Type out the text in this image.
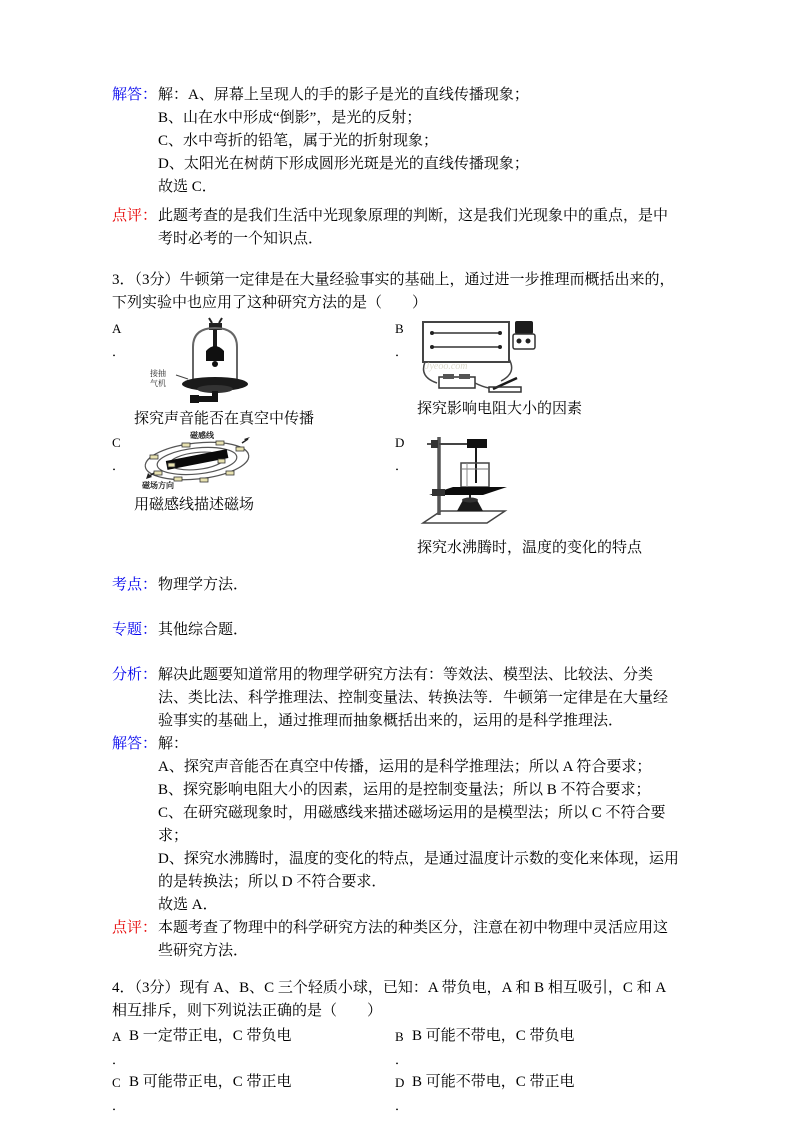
解答： 解：A、屏幕上呈现人的手的影子是光的直线传播现象；
B、山在水中形成“倒影”，是光的反射；
C、水中弯折的铅笔，属于光的折射现象；
D、太阳光在树荫下形成圆形光斑是光的直线传播现象；
故选 C．
点评： 此题考查的是我们生活中光现象原理的判断，这是我们光现象中的重点，是中考时必考的一个知识点．

3．（3分）牛顿第一定律是在大量经验事实的基础上，通过进一步推理而概括出来的，下列实验中也应用了这种研究方法的是（　　）

A
．
接抽
气机
探究声音能否在真空中传播
B
．
Jyeoo.com
探究影响电阻大小的因素
C
．
磁感线
磁场方向
用磁感线描述磁场
D
．
探究水沸腾时，温度的变化的特点
考点： 物理学方法．
专题： 其他综合题．
分析： 解决此题要知道常用的物理学研究方法有：等效法、模型法、比较法、分类法、类比法、科学推理法、控制变量法、转换法等．牛顿第一定律是在大量经验事实的基础上，通过推理而抽象概括出来的，运用的是科学推理法．
解答： 解：
A、探究声音能否在真空中传播，运用的是科学推理法；所以 A 符合要求；
B、探究影响电阻大小的因素，运用的是控制变量法；所以 B 不符合要求；
C、在研究磁现象时，用磁感线来描述磁场运用的是模型法；所以 C 不符合要求；
D、探究水沸腾时，温度的变化的特点，是通过温度计示数的变化来体现，运用的是转换法；所以 D 不符合要求．
故选 A．
点评： 本题考查了物理中的科学研究方法的种类区分，注意在初中物理中灵活应用这些研究方法．

4．（3分）现有 A、B、C 三个轻质小球，已知：A 带负电，A 和 B 相互吸引，C 和 A 相互排斥，则下列说法正确的是（　　）

A
．
B 一定带正电，C 带负电	B
．
B 可能不带电，C 带负电
C
．
B 可能带正电，C 带正电	D
．
B 可能不带电，C 带正电
